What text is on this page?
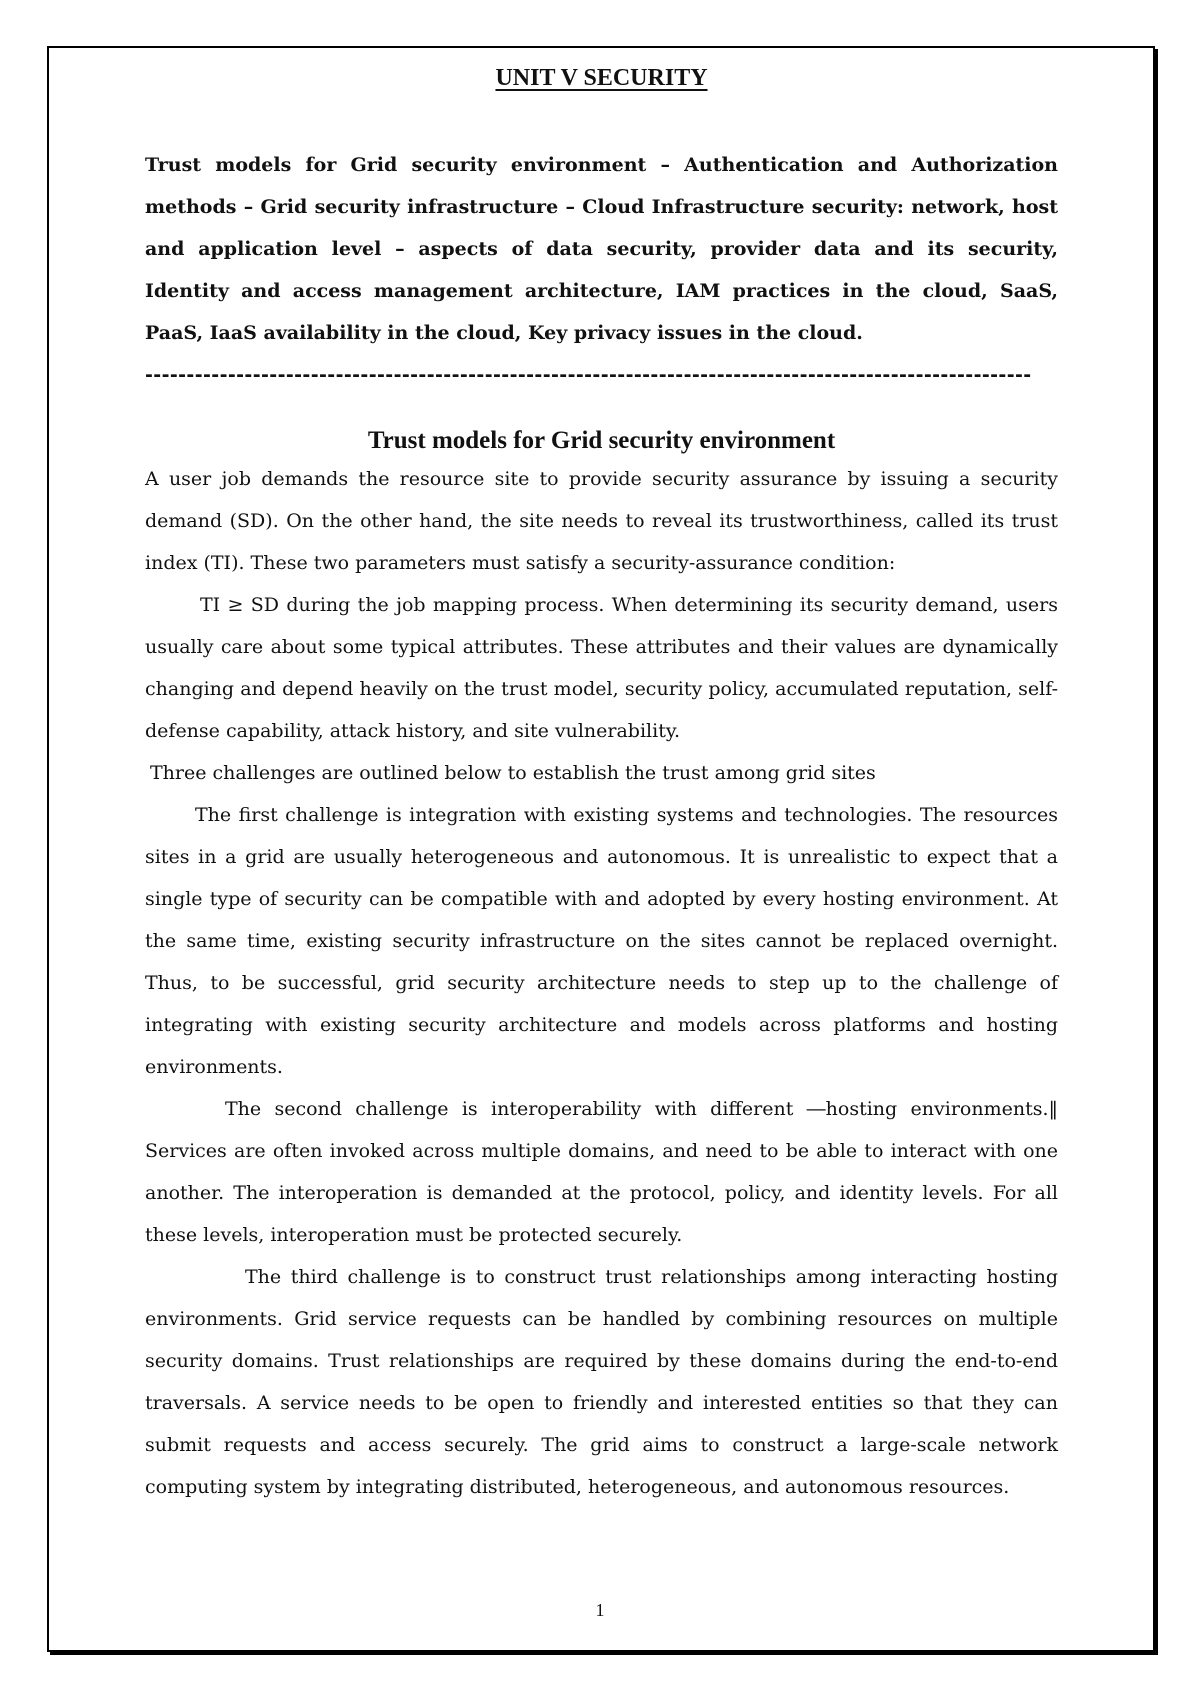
UNIT V SECURITY

Trust models for Grid security environment – Authentication and Authorization methods – Grid security infrastructure – Cloud Infrastructure security: network, host and application level – aspects of data security, provider data and its security, Identity and access management architecture, IAM practices in the cloud, SaaS, PaaS, IaaS availability in the cloud, Key privacy issues in the cloud.

-----------------------------------------------------------------------------------------------------------

Trust models for Grid security environment

A user job demands the resource site to provide security assurance by issuing a security demand (SD). On the other hand, the site needs to reveal its trustworthiness, called its trust index (TI). These two parameters must satisfy a security-assurance condition:

TI ≥ SD during the job mapping process. When determining its security demand, users usually care about some typical attributes. These attributes and their values are dynamically changing and depend heavily on the trust model, security policy, accumulated reputation, self-defense capability, attack history, and site vulnerability.

Three challenges are outlined below to establish the trust among grid sites

The first challenge is integration with existing systems and technologies. The resources sites in a grid are usually heterogeneous and autonomous. It is unrealistic to expect that a single type of security can be compatible with and adopted by every hosting environment. At the same time, existing security infrastructure on the sites cannot be replaced overnight. Thus, to be successful, grid security architecture needs to step up to the challenge of integrating with existing security architecture and models across platforms and hosting environments.

The second challenge is interoperability with different ―hosting environments.‖ Services are often invoked across multiple domains, and need to be able to interact with one another. The interoperation is demanded at the protocol, policy, and identity levels. For all these levels, interoperation must be protected securely.

The third challenge is to construct trust relationships among interacting hosting environments. Grid service requests can be handled by combining resources on multiple security domains. Trust relationships are required by these domains during the end-to-end traversals. A service needs to be open to friendly and interested entities so that they can submit requests and access securely. The grid aims to construct a large-scale network computing system by integrating distributed, heterogeneous, and autonomous resources.

1
